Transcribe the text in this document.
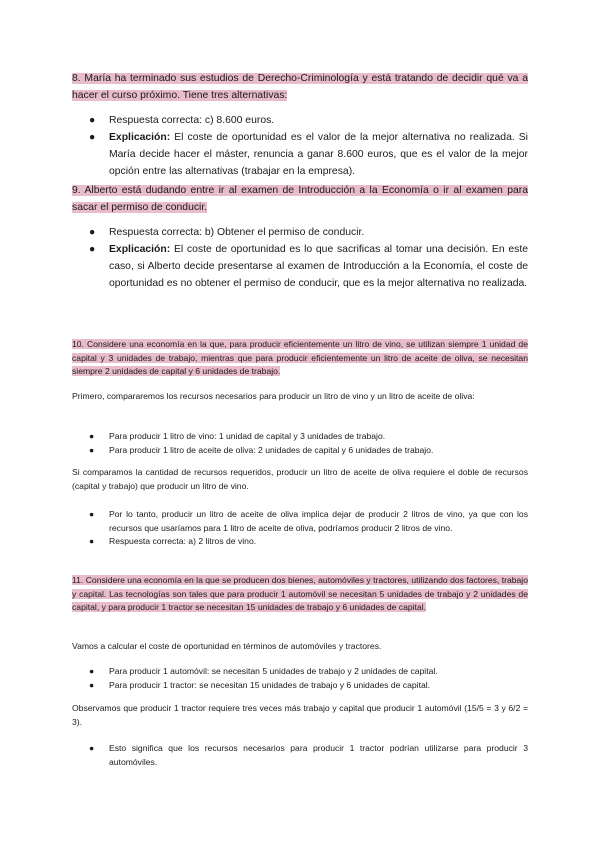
8. María ha terminado sus estudios de Derecho-Criminología y está tratando de decidir qué va a hacer el curso próximo. Tiene tres alternativas:
● Respuesta correcta: c) 8.600 euros.
● Explicación: El coste de oportunidad es el valor de la mejor alternativa no realizada. Si María decide hacer el máster, renuncia a ganar 8.600 euros, que es el valor de la mejor opción entre las alternativas (trabajar en la empresa).
9. Alberto está dudando entre ir al examen de Introducción a la Economía o ir al examen para sacar el permiso de conducir.
● Respuesta correcta: b) Obtener el permiso de conducir.
● Explicación: El coste de oportunidad es lo que sacrificas al tomar una decisión. En este caso, si Alberto decide presentarse al examen de Introducción a la Economía, el coste de oportunidad es no obtener el permiso de conducir, que es la mejor alternativa no realizada.
10. Considere una economía en la que, para producir eficientemente un litro de vino, se utilizan siempre 1 unidad de capital y 3 unidades de trabajo, mientras que para producir eficientemente un litro de aceite de oliva, se necesitan siempre 2 unidades de capital y 6 unidades de trabajo.

Primero, compararemos los recursos necesarios para producir un litro de vino y un litro de aceite de oliva:

● Para producir 1 litro de vino: 1 unidad de capital y 3 unidades de trabajo.
● Para producir 1 litro de aceite de oliva: 2 unidades de capital y 6 unidades de trabajo.

Si comparamos la cantidad de recursos requeridos, producir un litro de aceite de oliva requiere el doble de recursos (capital y trabajo) que producir un litro de vino.

● Por lo tanto, producir un litro de aceite de oliva implica dejar de producir 2 litros de vino, ya que con los recursos que usaríamos para 1 litro de aceite de oliva, podríamos producir 2 litros de vino.
● Respuesta correcta: a) 2 litros de vino.
11. Considere una economía en la que se producen dos bienes, automóviles y tractores, utilizando dos factores, trabajo y capital. Las tecnologías son tales que para producir 1 automóvil se necesitan 5 unidades de trabajo y 2 unidades de capital, y para producir 1 tractor se necesitan 15 unidades de trabajo y 6 unidades de capital.

Vamos a calcular el coste de oportunidad en términos de automóviles y tractores.

● Para producir 1 automóvil: se necesitan 5 unidades de trabajo y 2 unidades de capital.
● Para producir 1 tractor: se necesitan 15 unidades de trabajo y 6 unidades de capital.

Observamos que producir 1 tractor requiere tres veces más trabajo y capital que producir 1 automóvil (15/5 = 3 y 6/2 = 3).

● Esto significa que los recursos necesarios para producir 1 tractor podrían utilizarse para producir 3 automóviles.
